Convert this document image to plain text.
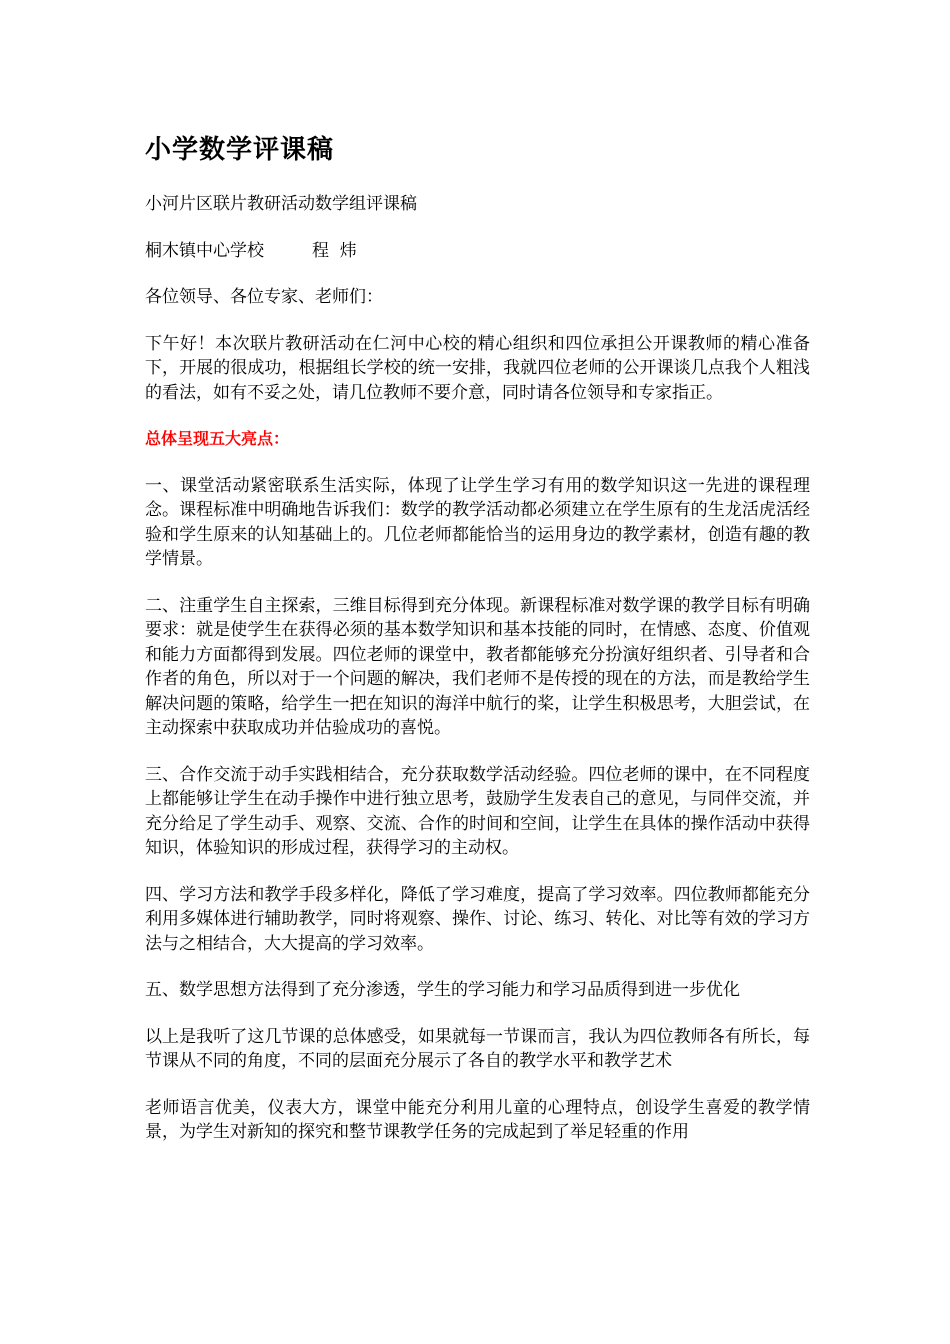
小学数学评课稿
小河片区联片教研活动数学组评课稿
桐木镇中心学校	程  炜
各位领导、各位专家、老师们：
下午好！本次联片教研活动在仁河中心校的精心组织和四位承担公开课教师的精心准备下，开展的很成功，根据组长学校的统一安排，我就四位老师的公开课谈几点我个人粗浅的看法，如有不妥之处，请几位教师不要介意，同时请各位领导和专家指正。
总体呈现五大亮点：
一、课堂活动紧密联系生活实际，体现了让学生学习有用的数学知识这一先进的课程理念。课程标准中明确地告诉我们：数学的教学活动都必须建立在学生原有的生龙活虎活经验和学生原来的认知基础上的。几位老师都能恰当的运用身边的教学素材，创造有趣的教学情景。
二、注重学生自主探索，三维目标得到充分体现。新课程标准对数学课的教学目标有明确要求：就是使学生在获得必须的基本数学知识和基本技能的同时，在情感、态度、价值观和能力方面都得到发展。四位老师的课堂中，教者都能够充分扮演好组织者、引导者和合作者的角色，所以对于一个问题的解决，我们老师不是传授的现在的方法，而是教给学生解决问题的策略，给学生一把在知识的海洋中航行的桨，让学生积极思考，大胆尝试，在主动探索中获取成功并估验成功的喜悦。
三、合作交流于动手实践相结合，充分获取数学活动经验。四位老师的课中，在不同程度上都能够让学生在动手操作中进行独立思考，鼓励学生发表自己的意见，与同伴交流，并充分给足了学生动手、观察、交流、合作的时间和空间，让学生在具体的操作活动中获得知识，体验知识的形成过程，获得学习的主动权。
四、学习方法和教学手段多样化，降低了学习难度，提高了学习效率。四位教师都能充分利用多媒体进行辅助教学，同时将观察、操作、讨论、练习、转化、对比等有效的学习方法与之相结合，大大提高的学习效率。
五、数学思想方法得到了充分渗透，学生的学习能力和学习品质得到进一步优化
以上是我听了这几节课的总体感受，如果就每一节课而言，我认为四位教师各有所长，每节课从不同的角度，不同的层面充分展示了各自的教学水平和教学艺术
老师语言优美，仪表大方，课堂中能充分利用儿童的心理特点，创设学生喜爱的教学情景，为学生对新知的探究和整节课教学任务的完成起到了举足轻重的作用
